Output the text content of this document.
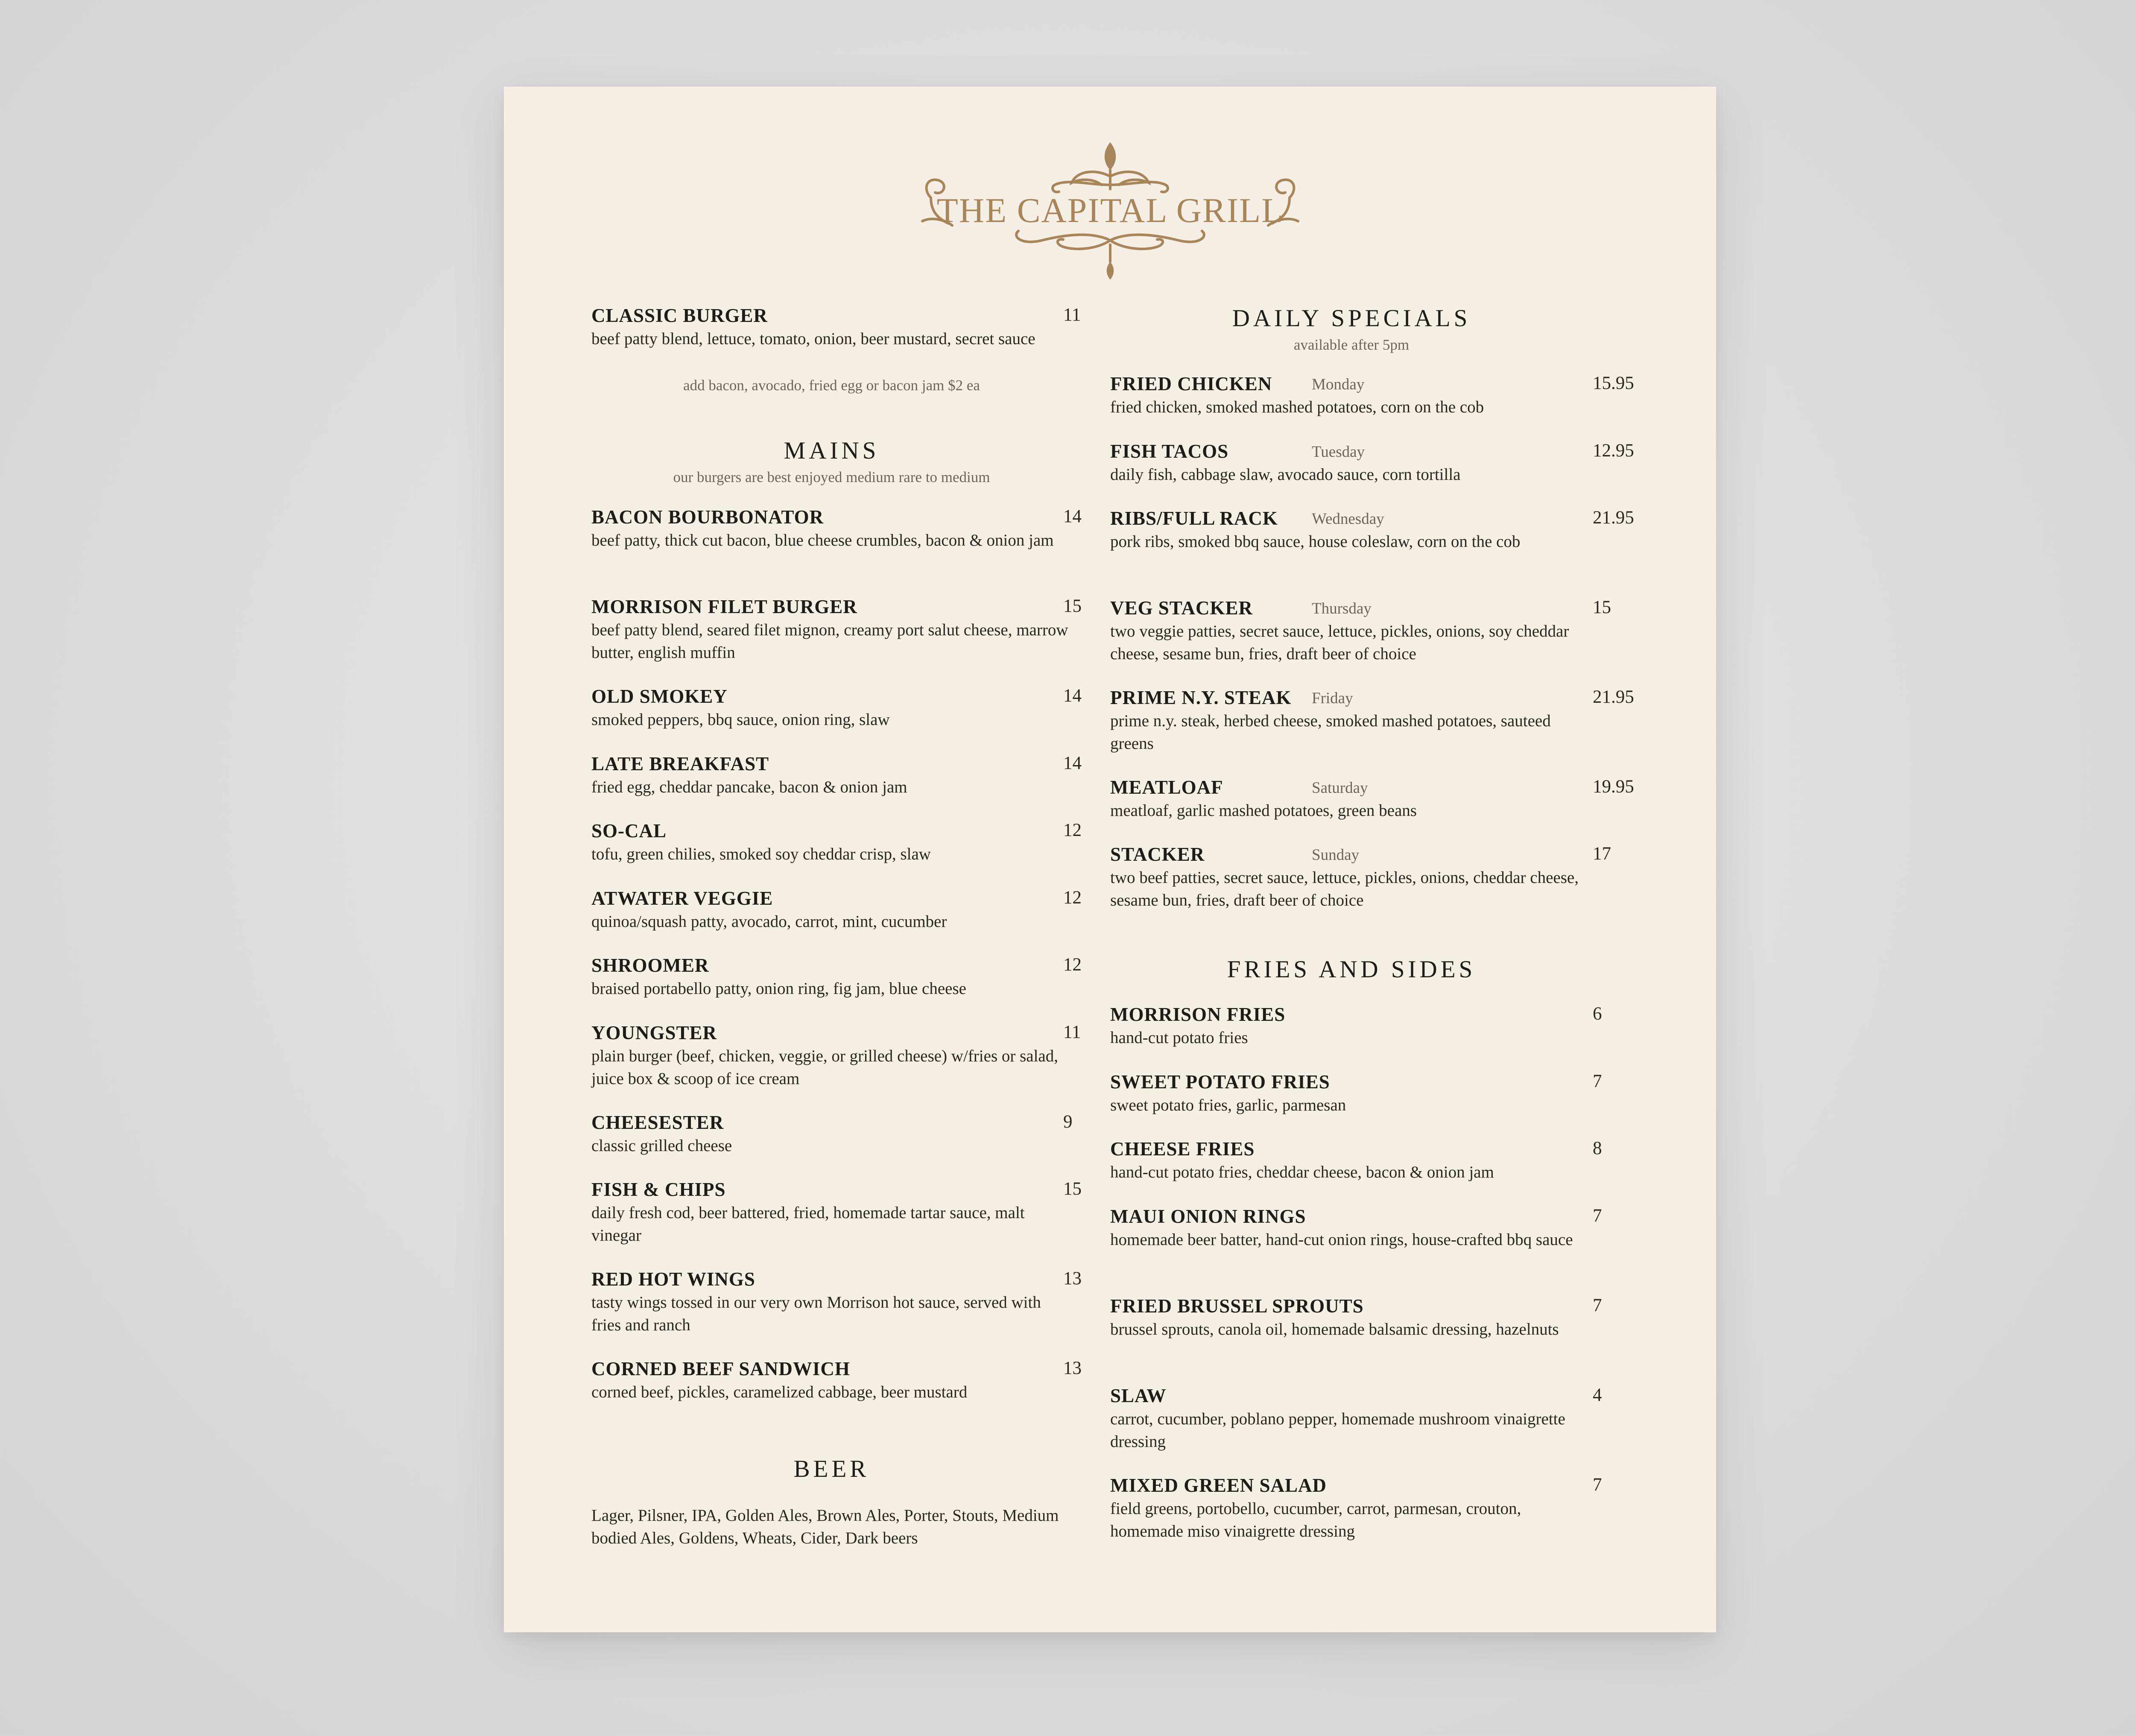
THE CAPITAL GRILL
CLASSIC BURGER	11
beef patty blend, lettuce, tomato, onion, beer mustard, secret sauce
add bacon, avocado, fried egg or bacon jam $2 ea
MAINS
our burgers are best enjoyed medium rare to medium
BACON BOURBONATOR	14
beef patty, thick cut bacon, blue cheese crumbles, bacon & onion jam
MORRISON FILET BURGER	15
beef patty blend, seared filet mignon, creamy port salut cheese, marrow butter, english muffin
OLD SMOKEY	14
smoked peppers, bbq sauce, onion ring, slaw
LATE BREAKFAST	14
fried egg, cheddar pancake, bacon & onion jam
SO-CAL	12
tofu, green chilies, smoked soy cheddar crisp, slaw
ATWATER VEGGIE	12
quinoa/squash patty, avocado, carrot, mint, cucumber
SHROOMER	12
braised portabello patty, onion ring, fig jam, blue cheese
YOUNGSTER	11
plain burger (beef, chicken, veggie, or grilled cheese) w/fries or salad, juice box & scoop of ice cream
CHEESESTER	9
classic grilled cheese
FISH & CHIPS	15
daily fresh cod, beer battered, fried, homemade tartar sauce, malt vinegar
RED HOT WINGS	13
tasty wings tossed in our very own Morrison hot sauce, served with fries and ranch
CORNED BEEF SANDWICH	13
corned beef, pickles, caramelized cabbage, beer mustard
BEER
Lager, Pilsner, IPA, Golden Ales, Brown Ales, Porter, Stouts, Medium bodied Ales, Goldens, Wheats, Cider, Dark beers
DAILY SPECIALS
available after 5pm
FRIED CHICKEN	Monday	15.95
fried chicken, smoked mashed potatoes, corn on the cob
FISH TACOS	Tuesday	12.95
daily fish, cabbage slaw, avocado sauce, corn tortilla
RIBS/FULL RACK Wednesday	21.95
pork ribs, smoked bbq sauce, house coleslaw, corn on the cob
VEG STACKER	Thursday	15
two veggie patties, secret sauce, lettuce, pickles, onions, soy cheddar cheese, sesame bun, fries, draft beer of choice
PRIME N.Y. STEAK Friday	21.95
prime n.y. steak, herbed cheese, smoked mashed potatoes, sauteed greens
MEATLOAF	Saturday	19.95
meatloaf, garlic mashed potatoes, green beans
STACKER	Sunday	17
two beef patties, secret sauce, lettuce, pickles, onions, cheddar cheese, sesame bun, fries, draft beer of choice
FRIES AND SIDES
MORRISON FRIES	6
hand-cut potato fries
SWEET POTATO FRIES	7
sweet potato fries, garlic, parmesan
CHEESE FRIES	8
hand-cut potato fries, cheddar cheese, bacon & onion jam
MAUI ONION RINGS	7
homemade beer batter, hand-cut onion rings, house-crafted bbq sauce
FRIED BRUSSEL SPROUTS	7
brussel sprouts, canola oil, homemade balsamic dressing, hazelnuts
SLAW	4
carrot, cucumber, poblano pepper, homemade mushroom vinaigrette dressing
MIXED GREEN SALAD	7
field greens, portobello, cucumber, carrot, parmesan, crouton, homemade miso vinaigrette dressing
